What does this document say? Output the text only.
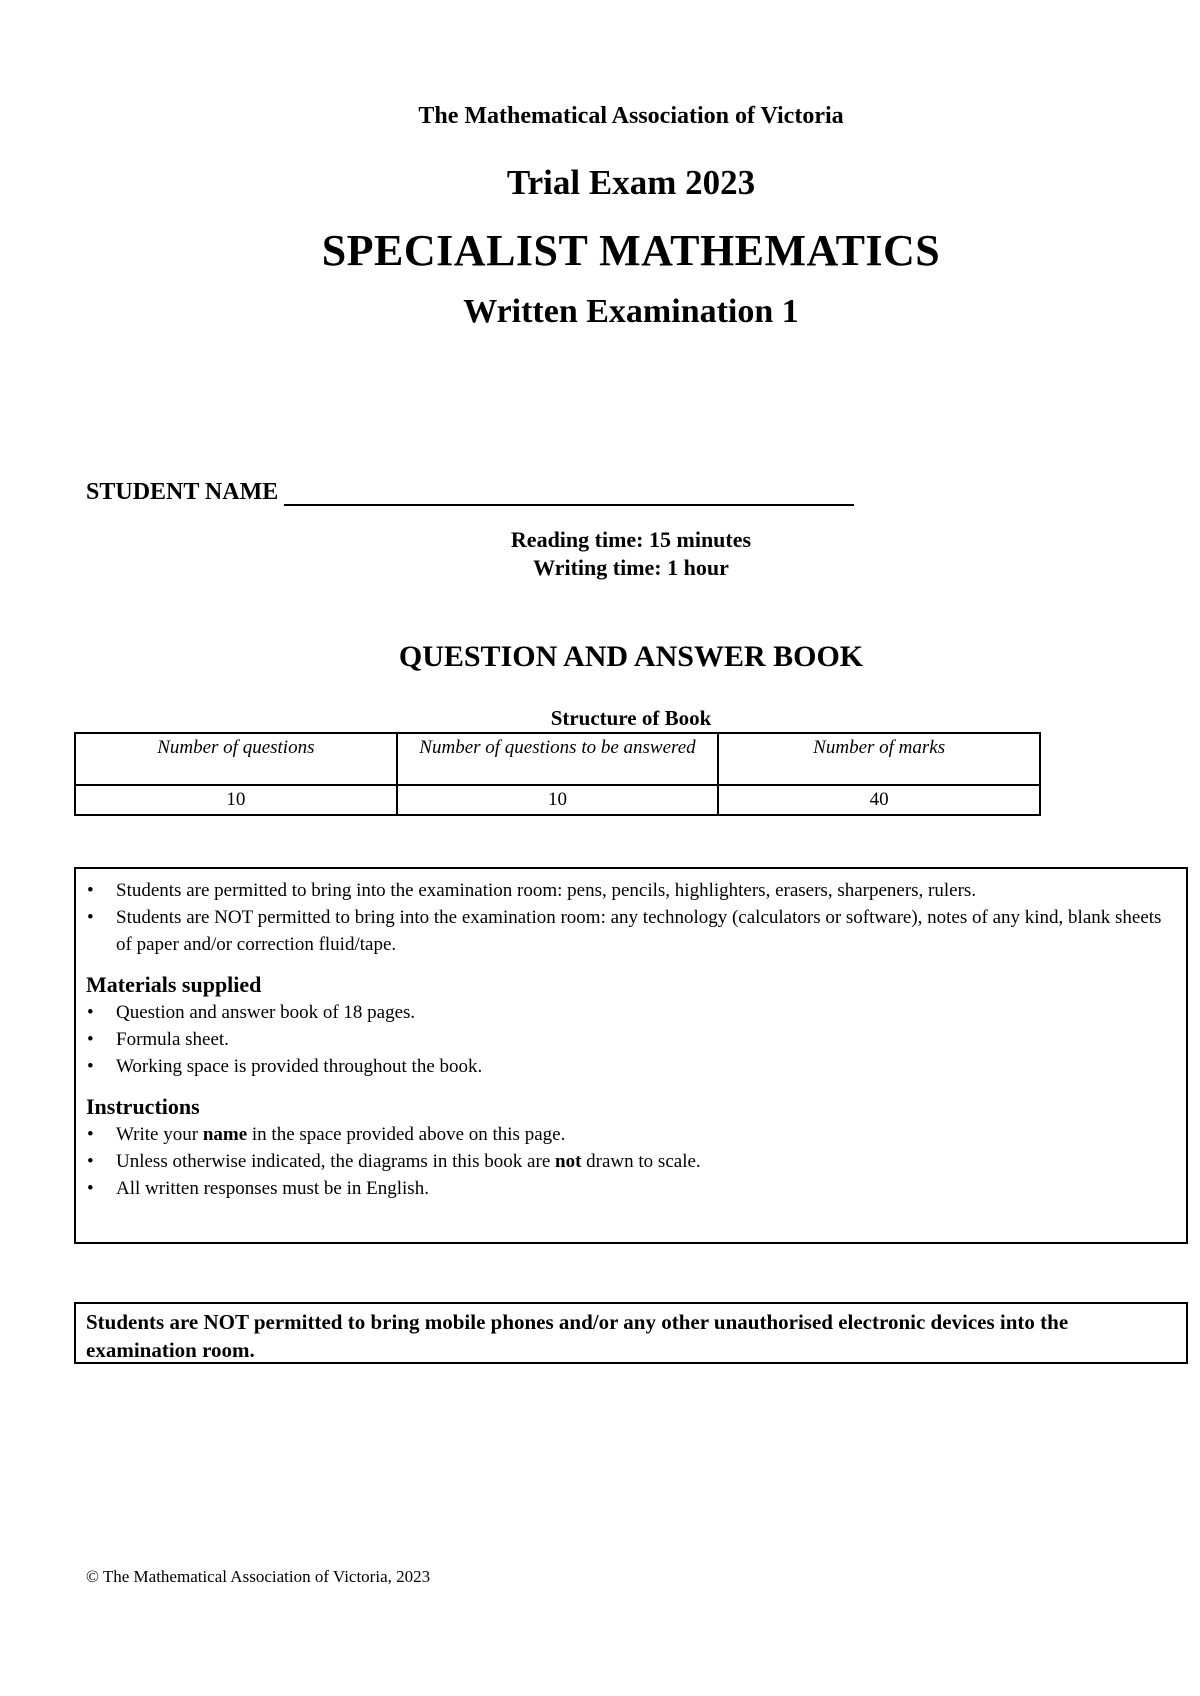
The Mathematical Association of Victoria
Trial Exam 2023
SPECIALIST MATHEMATICS
Written Examination 1
STUDENT NAME
Reading time: 15 minutes
Writing time: 1 hour
QUESTION AND ANSWER BOOK
Structure of Book
Number of questions	Number of questions to be answered	Number of marks
10	10	40
• Students are permitted to bring into the examination room: pens, pencils, highlighters, erasers, sharpeners, rulers.
• Students are NOT permitted to bring into the examination room: any technology (calculators or software), notes of any kind, blank sheets of paper and/or correction fluid/tape.
Materials supplied
• Question and answer book of 18 pages.
• Formula sheet.
• Working space is provided throughout the book.
Instructions
• Write your name in the space provided above on this page.
• Unless otherwise indicated, the diagrams in this book are not drawn to scale.
• All written responses must be in English.
Students are NOT permitted to bring mobile phones and/or any other unauthorised electronic devices into the examination room.
© The Mathematical Association of Victoria, 2023
